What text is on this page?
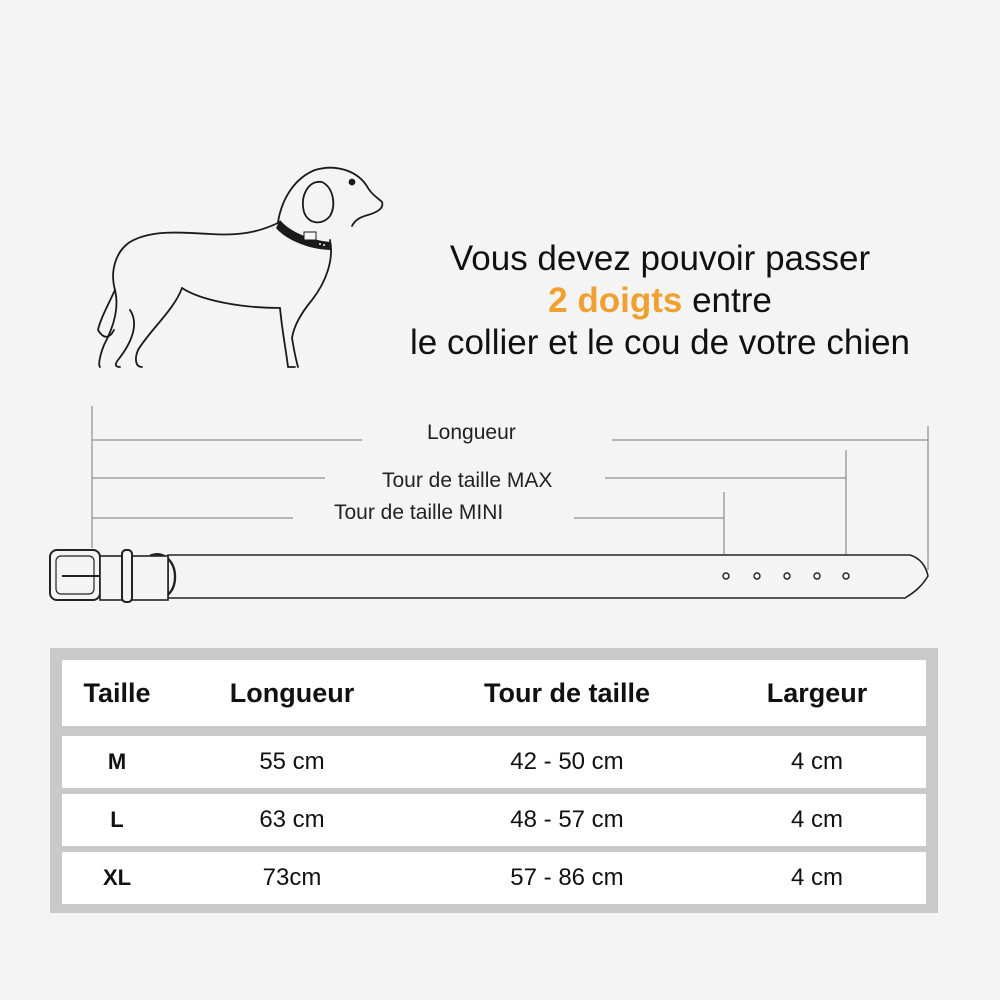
Vous devez pouvoir passer
2 doigts entre
le collier et le cou de votre chien
Longueur
Tour de taille MAX
Tour de taille MINI
Taille	Longueur	Tour de taille	Largeur
M	55 cm	42 - 50 cm	4 cm
L	63 cm	48 - 57 cm	4 cm
XL	73cm	57 - 86 cm	4 cm
